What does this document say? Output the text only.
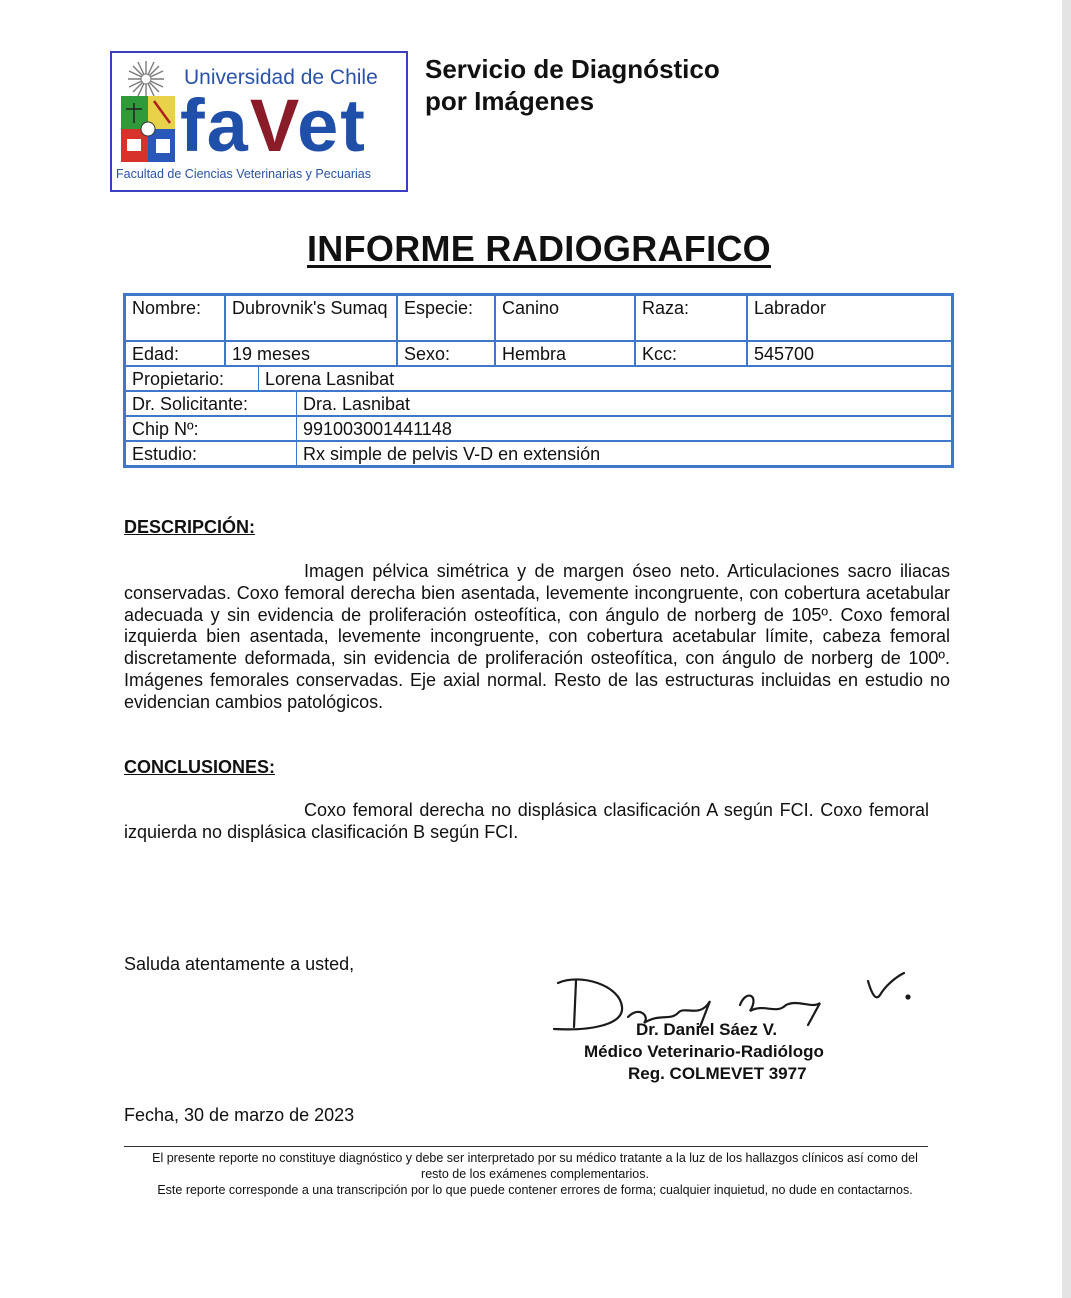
Universidad de Chile
faVet
Facultad de Ciencias Veterinarias y Pecuarias
Servicio de Diagnóstico
por Imágenes
INFORME RADIOGRAFICO
Nombre:	Dubrovnik's Sumaq	Especie:	Canino	Raza:	Labrador
Edad:	19 meses	Sexo:	Hembra	Kcc:	545700

Propietario:	Lorena Lasnibat

Dr. Solicitante:	Dra. Lasnibat

Chip Nº:	991003001441148

Estudio:	Rx simple de pelvis V-D en extensión
DESCRIPCIÓN:
Imagen pélvica simétrica y de margen óseo neto. Articulaciones sacro iliacas conservadas. Coxo femoral derecha bien asentada, levemente incongruente, con cobertura acetabular adecuada y sin evidencia de proliferación osteofítica, con ángulo de norberg de 105º. Coxo femoral izquierda bien asentada, levemente incongruente, con cobertura acetabular límite, cabeza femoral discretamente deformada, sin evidencia de proliferación osteofítica, con ángulo de norberg de 100º. Imágenes femorales conservadas. Eje axial normal. Resto de las estructuras incluidas en estudio no evidencian cambios patológicos.
CONCLUSIONES:
Coxo femoral derecha no displásica clasificación A según FCI. Coxo femoral izquierda no displásica clasificación B según FCI.
Saluda atentamente a usted,
Dr. Daniel Sáez V.
Médico Veterinario-Radiólogo
Reg. COLMEVET 3977
Fecha, 30 de marzo de 2023
El presente reporte no constituye diagnóstico y debe ser interpretado por su médico tratante a la luz de los hallazgos clínicos así como del
resto de los exámenes complementarios.
Este reporte corresponde a una transcripción por lo que puede contener errores de forma; cualquier inquietud, no dude en contactarnos.
